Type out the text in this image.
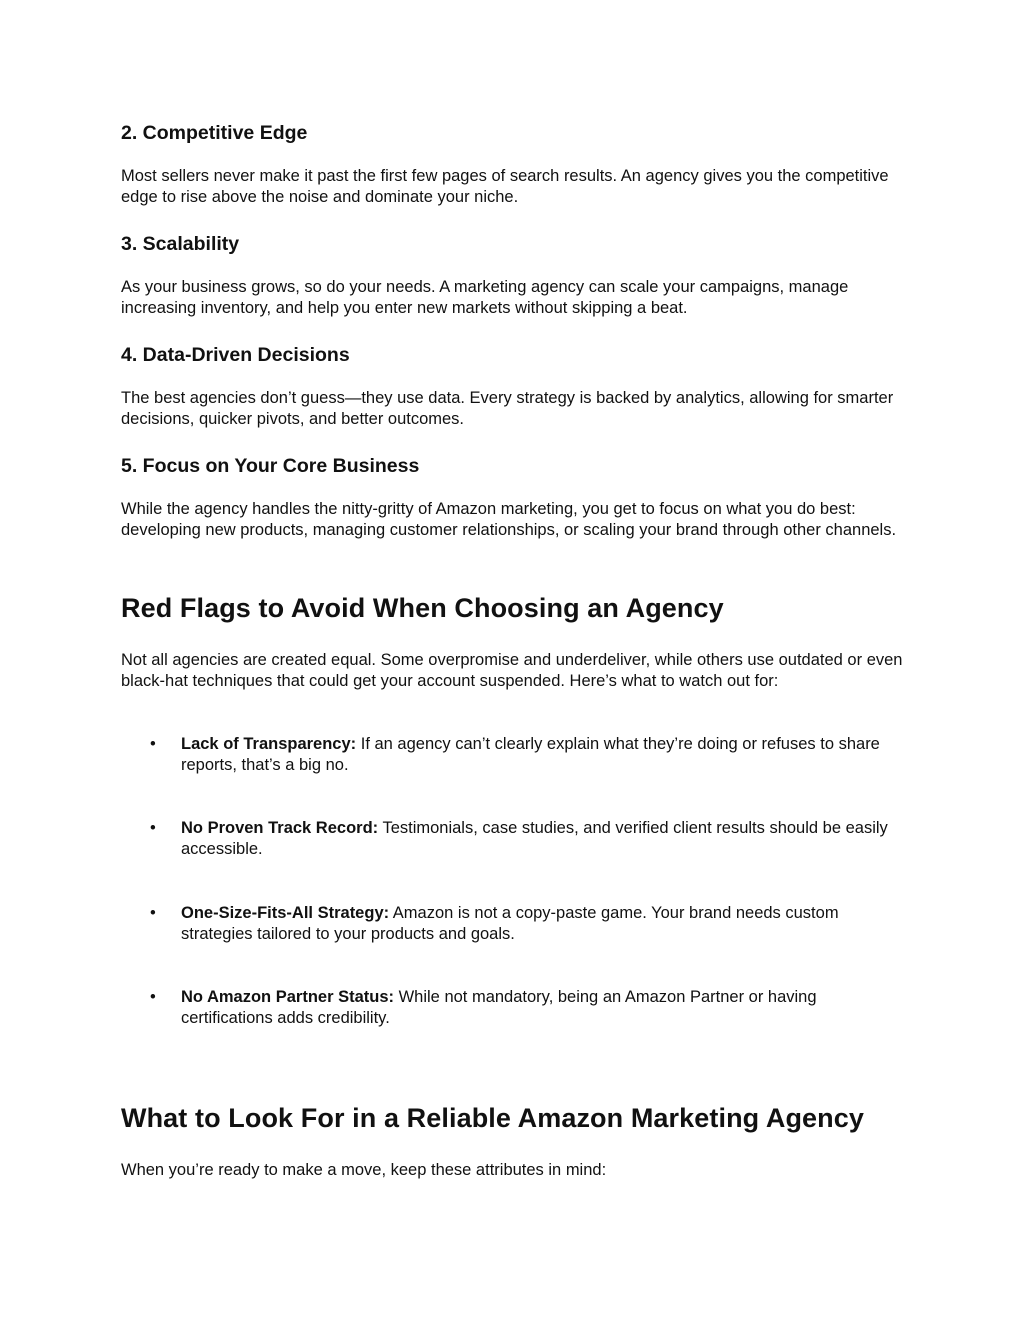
2. Competitive Edge

Most sellers never make it past the first few pages of search results. An agency gives you the competitive edge to rise above the noise and dominate your niche.

3. Scalability

As your business grows, so do your needs. A marketing agency can scale your campaigns, manage increasing inventory, and help you enter new markets without skipping a beat.

4. Data-Driven Decisions

The best agencies don’t guess—they use data. Every strategy is backed by analytics, allowing for smarter decisions, quicker pivots, and better outcomes.

5. Focus on Your Core Business

While the agency handles the nitty-gritty of Amazon marketing, you get to focus on what you do best: developing new products, managing customer relationships, or scaling your brand through other channels.

Red Flags to Avoid When Choosing an Agency

Not all agencies are created equal. Some overpromise and underdeliver, while others use outdated or even black-hat techniques that could get your account suspended. Here’s what to watch out for:

• Lack of Transparency: If an agency can’t clearly explain what they’re doing or refuses to share reports, that’s a big no.
• No Proven Track Record: Testimonials, case studies, and verified client results should be easily accessible.
• One-Size-Fits-All Strategy: Amazon is not a copy-paste game. Your brand needs custom strategies tailored to your products and goals.
• No Amazon Partner Status: While not mandatory, being an Amazon Partner or having certifications adds credibility.
What to Look For in a Reliable Amazon Marketing Agency

When you’re ready to make a move, keep these attributes in mind:
